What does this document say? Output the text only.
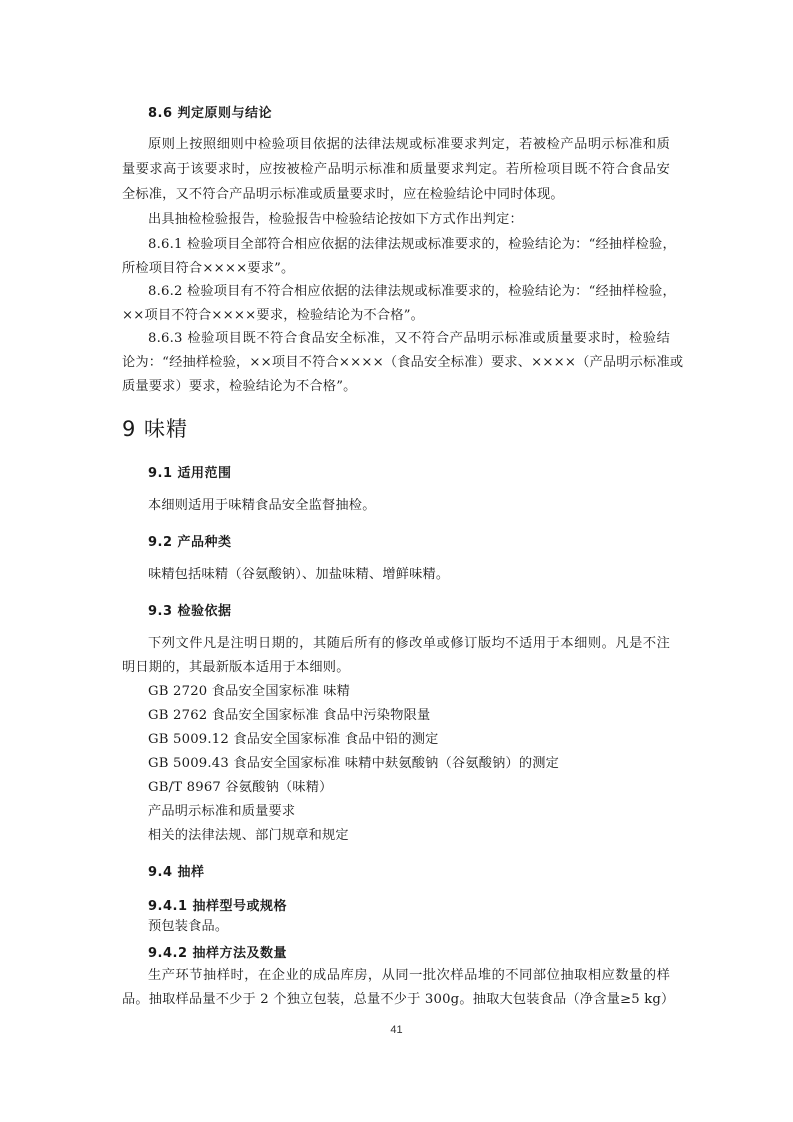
8.6 判定原则与结论
原则上按照细则中检验项目依据的法律法规或标准要求判定，若被检产品明示标准和质
量要求高于该要求时，应按被检产品明示标准和质量要求判定。若所检项目既不符合食品安
全标准，又不符合产品明示标准或质量要求时，应在检验结论中同时体现。
出具抽检检验报告，检验报告中检验结论按如下方式作出判定：
8.6.1 检验项目全部符合相应依据的法律法规或标准要求的，检验结论为：“经抽样检验，
所检项目符合××××要求”。
8.6.2 检验项目有不符合相应依据的法律法规或标准要求的，检验结论为：“经抽样检验，
××项目不符合××××要求，检验结论为不合格”。
8.6.3 检验项目既不符合食品安全标准，又不符合产品明示标准或质量要求时，检验结
论为：“经抽样检验，××项目不符合××××（食品安全标准）要求、××××（产品明示标准或
质量要求）要求，检验结论为不合格”。
9 味精
9.1 适用范围
本细则适用于味精食品安全监督抽检。
9.2 产品种类
味精包括味精（谷氨酸钠）、加盐味精、增鲜味精。
9.3 检验依据
下列文件凡是注明日期的，其随后所有的修改单或修订版均不适用于本细则。凡是不注
明日期的，其最新版本适用于本细则。
GB 2720 食品安全国家标准 味精
GB 2762 食品安全国家标准 食品中污染物限量
GB 5009.12 食品安全国家标准 食品中铅的测定
GB 5009.43 食品安全国家标准 味精中麸氨酸钠（谷氨酸钠）的测定
GB/T 8967 谷氨酸钠（味精）
产品明示标准和质量要求
相关的法律法规、部门规章和规定
9.4 抽样
9.4.1 抽样型号或规格
预包装食品。
9.4.2 抽样方法及数量
生产环节抽样时，在企业的成品库房，从同一批次样品堆的不同部位抽取相应数量的样
品。抽取样品量不少于 2 个独立包装，总量不少于 300g。抽取大包装食品（净含量≥5 kg）
41
